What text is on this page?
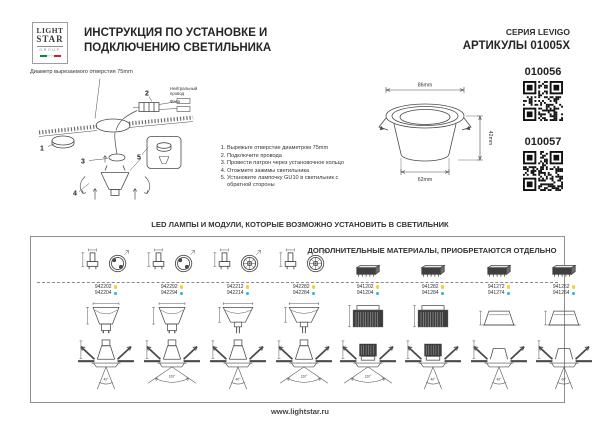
LIGHT
STAR
GROUP
ИНСТРУКЦИЯ ПО УСТАНОВКЕ И
ПОДКЛЮЧЕНИЮ СВЕТИЛЬНИКА
СЕРИЯ LEVIGO
АРТИКУЛЫ 01005X
010056
010057
Диаметр вырезаемого отверстия 75mm
1
2
3
4
5
Нейтральный провод
Фаза
1. Вырежьте отверстие диаметром 75mm
2. Подключите провода
3. Провести патрон через установочное кольцо
4. Отожмите зажимы светильника
5. Установите лампочку GU10 в светильник с обратной стороны
86mm
62mm
42mm
LED ЛАМПЫ И МОДУЛИ, КОТОРЫЕ ВОЗМОЖНО УСТАНОВИТЬ В СВЕТИЛЬНИК
ДОПОЛНИТЕЛЬНЫЕ МАТЕРИАЛЫ, ПРИОБРЕТАЮТСЯ ОТДЕЛЬНО
942202
942204
40°
942292
942294
120°
942212
942214
40°
942282
942284
120°
941202
941204
120°
941282
941284
40°
941272
941274
40°
941262
941264
60°
www.lightstar.ru
